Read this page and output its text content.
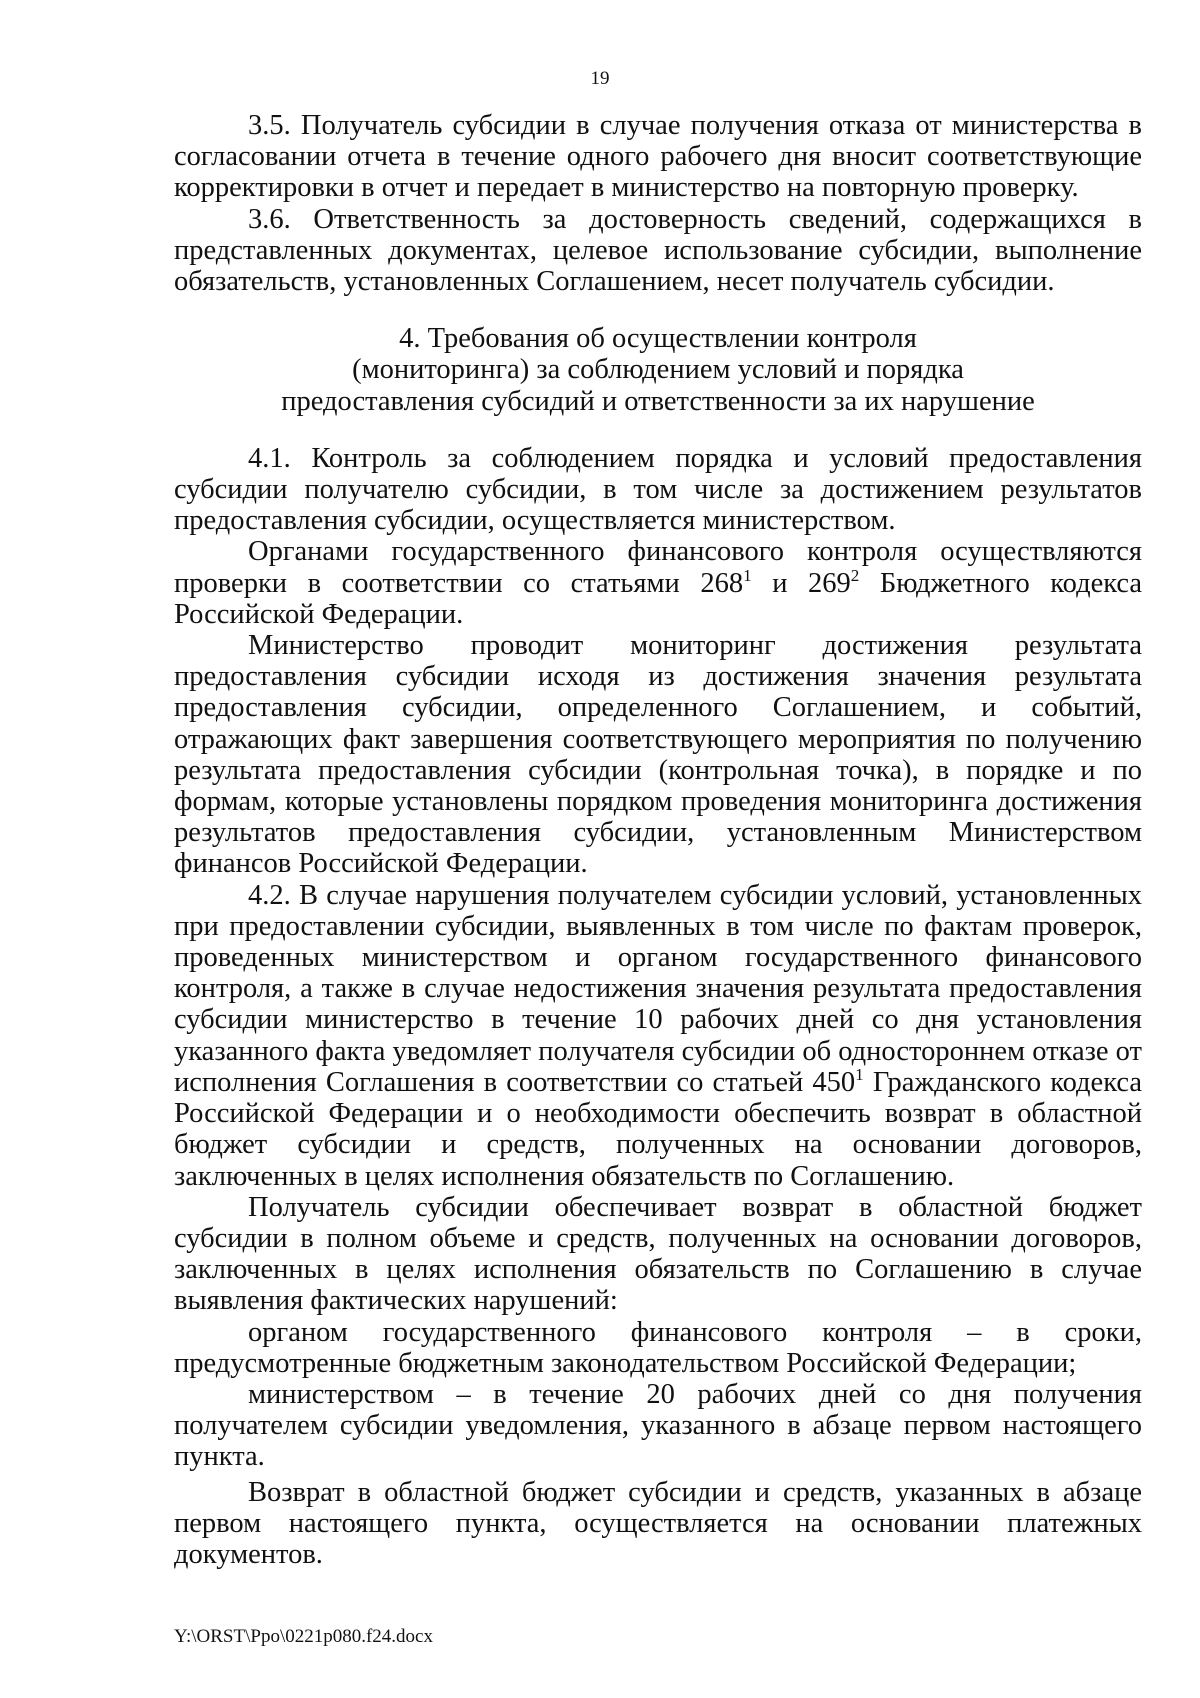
19

3.5. Получатель субсидии в случае получения отказа от министерства в согласовании отчета в течение одного рабочего дня вносит соответствующие корректировки в отчет и передает в министерство на повторную проверку.

3.6. Ответственность за достоверность сведений, содержащихся в представленных документах, целевое использование субсидии, выполнение обязательств, установленных Соглашением, несет получатель субсидии.

4. Требования об осуществлении контроля
(мониторинга) за соблюдением условий и порядка
предоставления субсидий и ответственности за их нарушение

4.1. Контроль за соблюдением порядка и условий предоставления субсидии получателю субсидии, в том числе за достижением результатов предоставления субсидии, осуществляется министерством.

Органами государственного финансового контроля осуществляются проверки в соответствии со статьями $268^1$ и $269^2$ Бюджетного кодекса Российской Федерации.

Министерство проводит мониторинг достижения результата предоставления субсидии исходя из достижения значения результата предоставления субсидии, определенного Соглашением, и событий, отражающих факт завершения соответствующего мероприятия по получению результата предоставления субсидии (контрольная точка), в порядке и по формам, которые установлены порядком проведения мониторинга достижения результатов предоставления субсидии, установленным Министерством финансов Российской Федерации.

4.2. В случае нарушения получателем субсидии условий, установленных при предоставлении субсидии, выявленных в том числе по фактам проверок, проведенных министерством и органом государственного финансового контроля, а также в случае недостижения значения результата предоставления субсидии министерство в течение 10 рабочих дней со дня установления указанного факта уведомляет получателя субсидии об одностороннем отказе от исполнения Соглашения в соответствии со статьей $450^1$ Гражданского кодекса Российской Федерации и о необходимости обеспечить возврат в областной бюджет субсидии и средств, полученных на основании договоров, заключенных в целях исполнения обязательств по Соглашению.

Получатель субсидии обеспечивает возврат в областной бюджет субсидии в полном объеме и средств, полученных на основании договоров, заключенных в целях исполнения обязательств по Соглашению в случае выявления фактических нарушений:

органом государственного финансового контроля – в сроки, предусмотренные бюджетным законодательством Российской Федерации;

министерством – в течение 20 рабочих дней со дня получения получателем субсидии уведомления, указанного в абзаце первом настоящего пункта.

Возврат в областной бюджет субсидии и средств, указанных в абзаце первом настоящего пункта, осуществляется на основании платежных документов.

Y:\ORST\Ppo\0221p080.f24.docx
